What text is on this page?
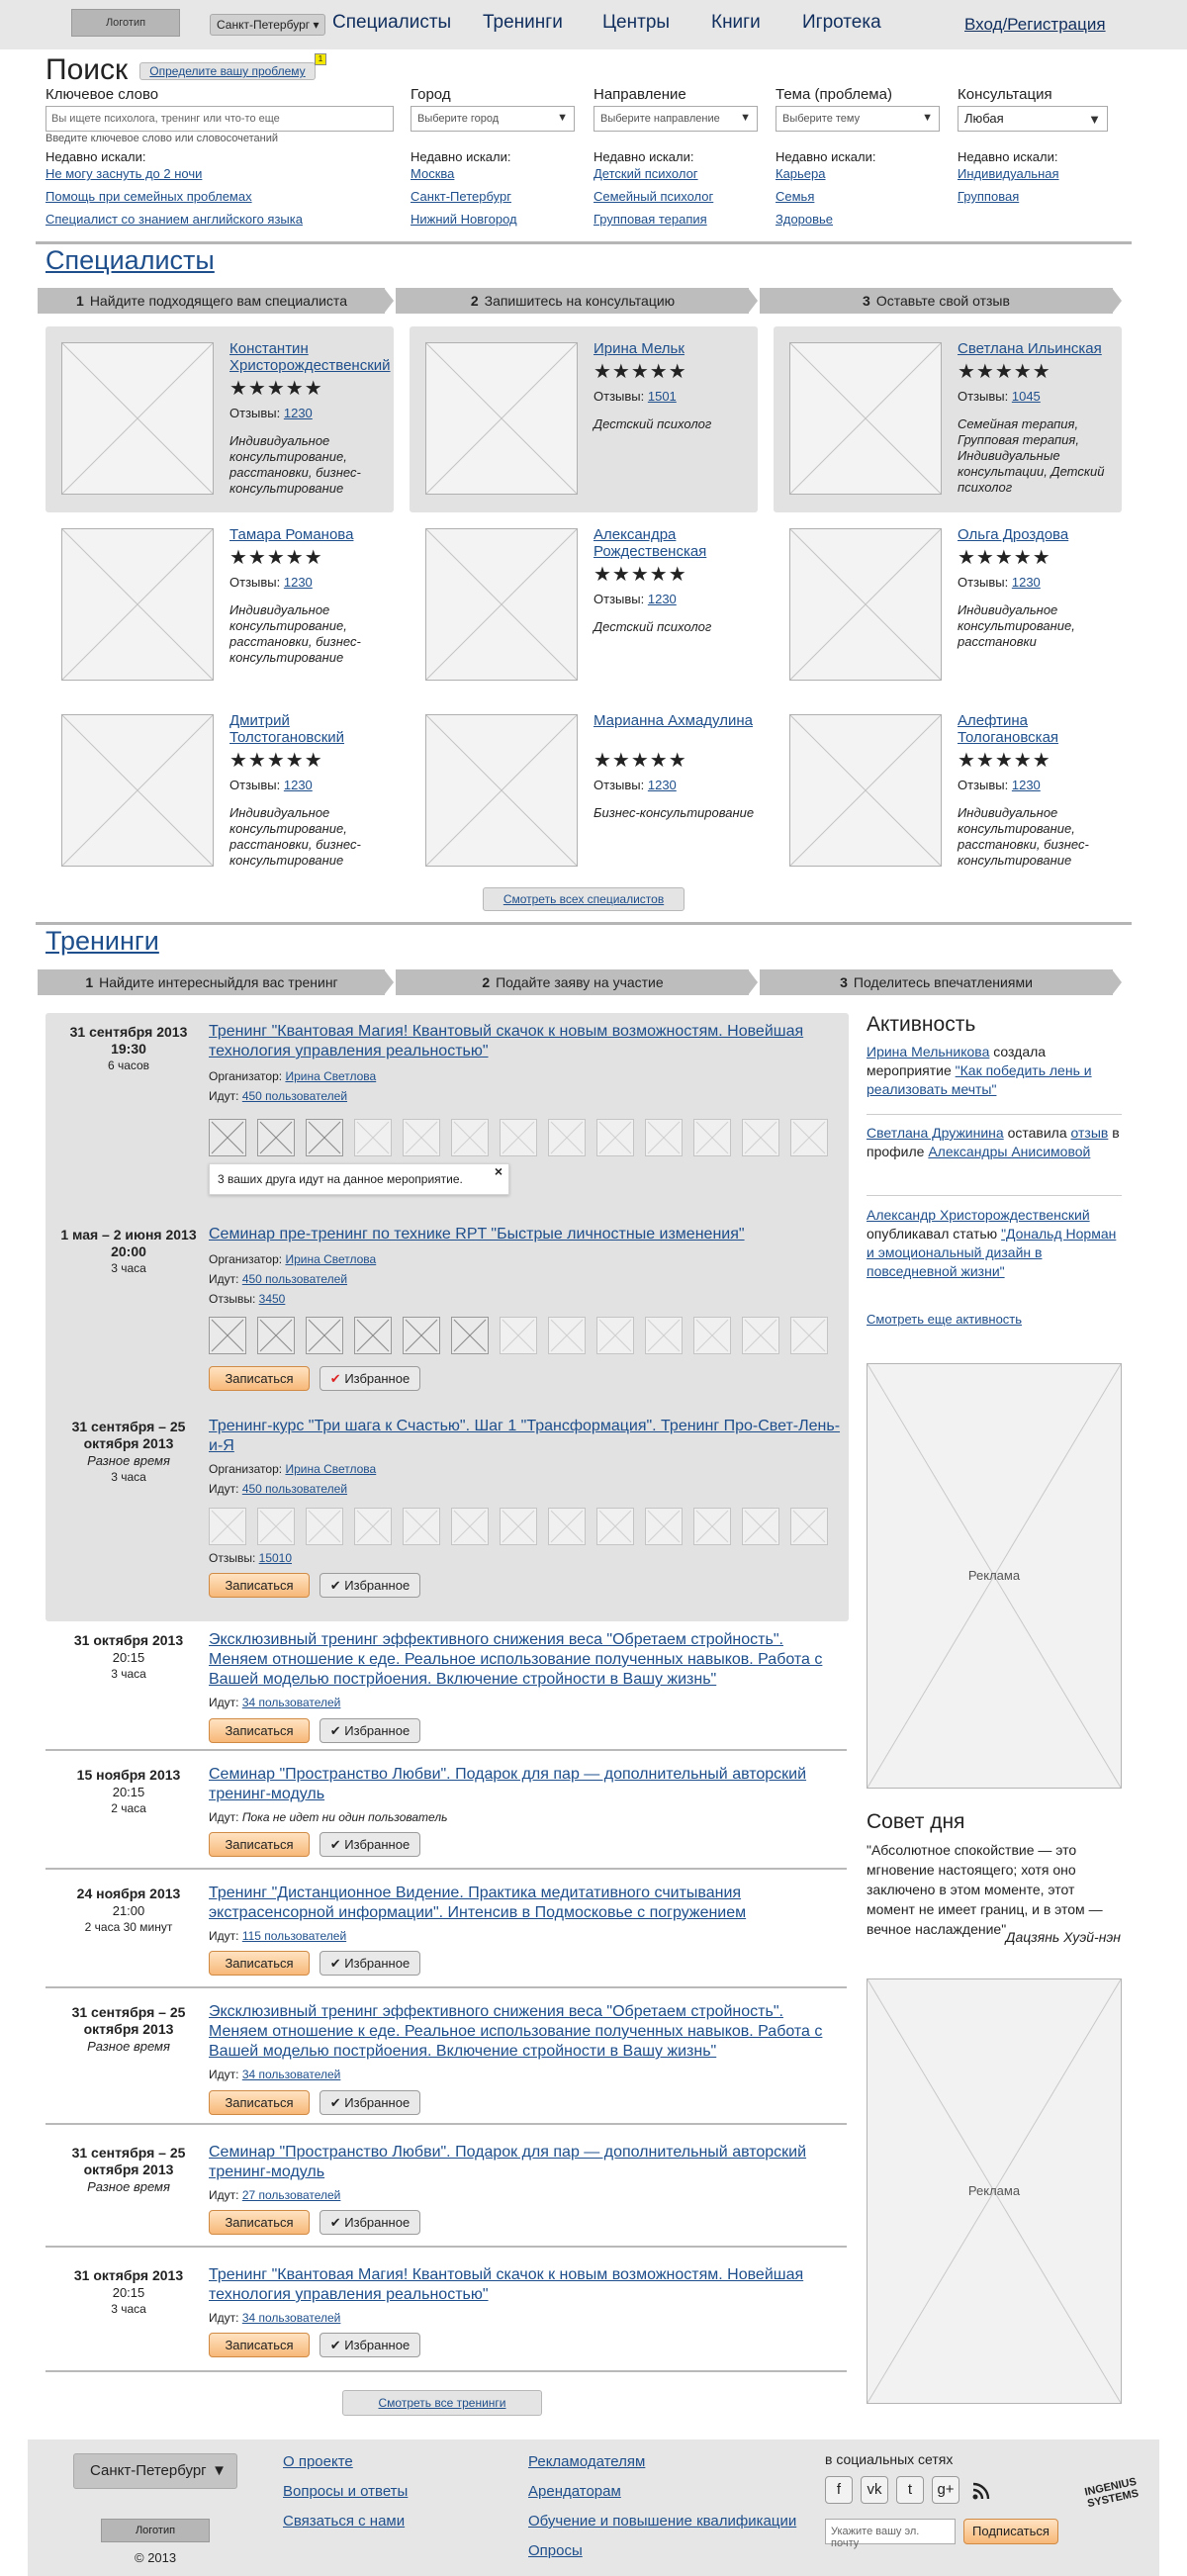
Логотип	Санкт-Петербург ▾ Специалисты Тренинги Центры Книги Игротека	Вход/Регистрация
Поиск	Определите вашу проблему
1
Ключевое слово
Вы ищете психолога, тренинг или что-то еще
Введите ключевое слово или словосочетаний
Недавно искали:
Не могу заснуть до 2 ночи
Помощь при семейных проблемах
Специалист со знанием английского языка
Город
Выберите город	▼
Недавно искали:
Москва
Санкт-Петербург
Нижний Новгород
Направление
Выберите направление ▼
Недавно искали:
Детский психолог
Семейный психолог
Групповая терапия
Тема (проблема)
Выберите тему	▼
Недавно искали:
Карьера
Семья
Здоровье
Консультация
Любая	▼
Недавно искали:
Индивидуальная
Групповая
Специалисты
1 Найдите подходящего вам специалиста	2 Запишитесь на консультацию	3 Оставьте свой отзыв
Константин Христорождественский
★★★★★
Отзывы: 1230
Индивидуальное консультирование, расстановки, бизнес-консультирование
Ирина Мельк
★★★★★
Отзывы: 1501
Дестский психолог
Светлана Ильинская
★★★★★
Отзывы: 1045
Семейная терапия, Групповая терапия, Индивидуальные консультации, Детский психолог
Тамара Романова
★★★★★
Отзывы: 1230
Индивидуальное консультирование, расстановки, бизнес-консультирование
Александра Рождественская
★★★★★
Отзывы: 1230
Дестский психолог
Ольга Дроздова
★★★★★
Отзывы: 1230
Индивидуальное консультирование, расстановки
Дмитрий Толстогановский
★★★★★
Отзывы: 1230
Индивидуальное консультирование, расстановки, бизнес-консультирование
Марианна Ахмадулина
★★★★★
Отзывы: 1230
Бизнес-консультирование
Алефтина Тологановская
★★★★★
Отзывы: 1230
Индивидуальное консультирование, расстановки, бизнес-консультирование
Смотреть всех специалистов
Тренинги
1 Найдите интересныйдля вас тренинг	2 Подайте заяву на участие	3 Поделитесь впечатлениями
31 сентября 2013
19:30
6 часов
Тренинг "Квантовая Магия! Квантовый скачок к новым возможностям. Новейшая технология управления реальностью"
Организатор: Ирина Светлова
Идут: 450 пользователей
3 ваших друга идут на данное мероприятие. ×
1 мая – 2 июня 2013
20:00
3 часа
Семинар пре-тренинг по технике RPT "Быстрые личностные изменения"
Организатор: Ирина Светлова
Идут: 450 пользователей
Отзывы: 3450
Записаться	✔ Избранное
31 сентября – 25 октября 2013
Разное время
3 часа
Тренинг-курс "Три шага к Счастью". Шаг 1 "Трансформация". Тренинг Про-Свет-Лень-и-Я
Организатор: Ирина Светлова
Идут: 450 пользователей
Отзывы: 15010
Записаться	✔ Избранное
31 октября 2013
20:15
3 часа
Эксклюзивный тренинг эффективного снижения веса "Обретаем стройность". Меняем отношение к еде. Реальное использование полученных навыков. Работа с Вашей моделью пострйоения. Включение стройности в Вашу жизнь"
Идут: 34 пользователей
Записаться	✔ Избранное
15 ноября 2013
20:15
2 часа
Семинар "Пространство Любви". Подарок для пар — дополнительный авторский тренинг-модуль
Идут: Пока не идет ни один пользователь
Записаться	✔ Избранное
24 ноября 2013
21:00
2 часа 30 минут
Тренинг "Дистанционное Видение. Практика медитативного считывания экстрасенсорной информации". Интенсив в Подмосковье с погружением
Идут: 115 пользователей
Записаться	✔ Избранное
31 сентября – 25 октября 2013
Разное время
Эксклюзивный тренинг эффективного снижения веса "Обретаем стройность". Меняем отношение к еде. Реальное использование полученных навыков. Работа с Вашей моделью пострйоения. Включение стройности в Вашу жизнь"
Идут: 34 пользователей
Записаться	✔ Избранное
31 сентября – 25 октября 2013
Разное время
Семинар "Пространство Любви". Подарок для пар — дополнительный авторский тренинг-модуль
Идут: 27 пользователей
Записаться	✔ Избранное
31 октября 2013
20:15
3 часа
Тренинг "Квантовая Магия! Квантовый скачок к новым возможностям. Новейшая технология управления реальностью"
Идут: 34 пользователей
Записаться	✔ Избранное
Смотреть все тренинги
Активность
Ирина Мельникова создала мероприятие "Как победить лень и реализовать мечты"
Светлана Дружинина оставила отзыв в профиле Александры Анисимовой
Александр Христорождественский опубликавал статью "Дональд Норман и эмоциональный дизайн в повседневной жизни"
Смотреть еще активность
Реклама
Совет дня
"Абсолютное спокойствие — это мгновение настоящего; хотя оно заключено в этом моменте, этот момент не имеет границ, и в этом — вечное наслаждение" Дацзянь Хуэй-нэн
Реклама
Санкт-Петербург ▼
Логотип
© 2013
О проекте
Вопросы и ответы
Связаться с нами
Рекламодателям
Арендаторам
Обучение и повышение квалификации
Опросы
в социальных сетях
f	vk	t	g+
Укажите вашу эл. почту
Подписаться
INGENIUS SYSTEMS
